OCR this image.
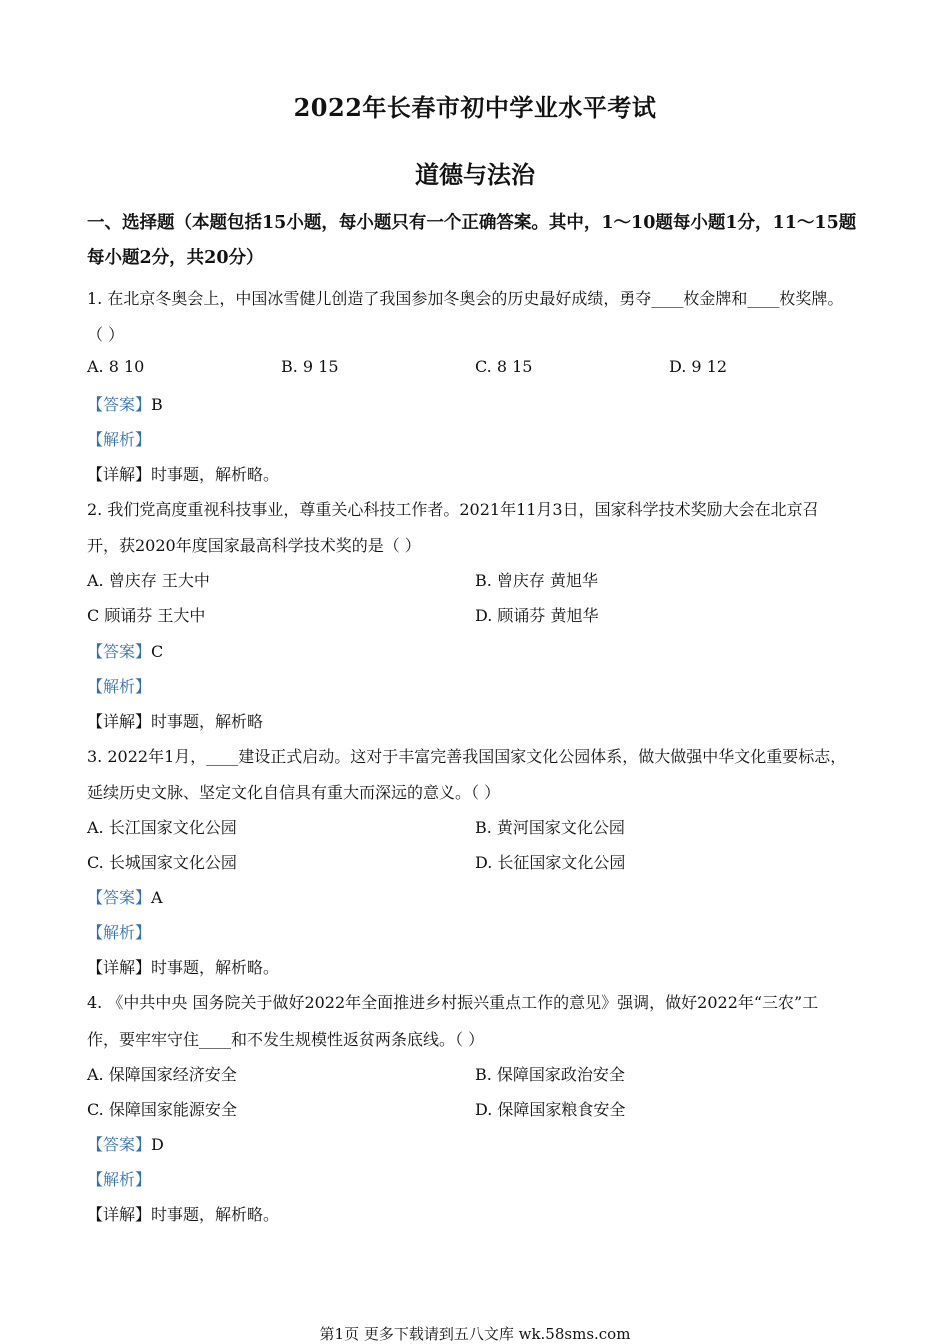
2022年长春市初中学业水平考试
道德与法治
一、选择题（本题包括15小题，每小题只有一个正确答案。其中，1～10题每小题1分，11～15题每小题2分，共20分）
1. 在北京冬奥会上，中国冰雪健儿创造了我国参加冬奥会的历史最好成绩，勇夺____枚金牌和____枚奖牌。
（ ）
A. 8 10	B. 9 15	C. 8 15	D. 9 12
【答案】B
【解析】
【详解】时事题，解析略。
2. 我们党高度重视科技事业，尊重关心科技工作者。2021年11月3日，国家科学技术奖励大会在北京召
开，获2020年度国家最高科学技术奖的是（ ）
A. 曾庆存 王大中	B. 曾庆存 黄旭华
C 顾诵芬 王大中	D. 顾诵芬 黄旭华
【答案】C
【解析】
【详解】时事题，解析略
3. 2022年1月，____建设正式启动。这对于丰富完善我国国家文化公园体系，做大做强中华文化重要标志，
延续历史文脉、坚定文化自信具有重大而深远的意义。（ ）
A. 长江国家文化公园	B. 黄河国家文化公园
C. 长城国家文化公园	D. 长征国家文化公园
【答案】A
【解析】
【详解】时事题，解析略。
4. 《中共中央 国务院关于做好2022年全面推进乡村振兴重点工作的意见》强调，做好2022年“三农”工
作，要牢牢守住____和不发生规模性返贫两条底线。（ ）
A. 保障国家经济安全	B. 保障国家政治安全
C. 保障国家能源安全	D. 保障国家粮食安全
【答案】D
【解析】
【详解】时事题，解析略。
第1页 更多下载请到五八文库 wk.58sms.com
